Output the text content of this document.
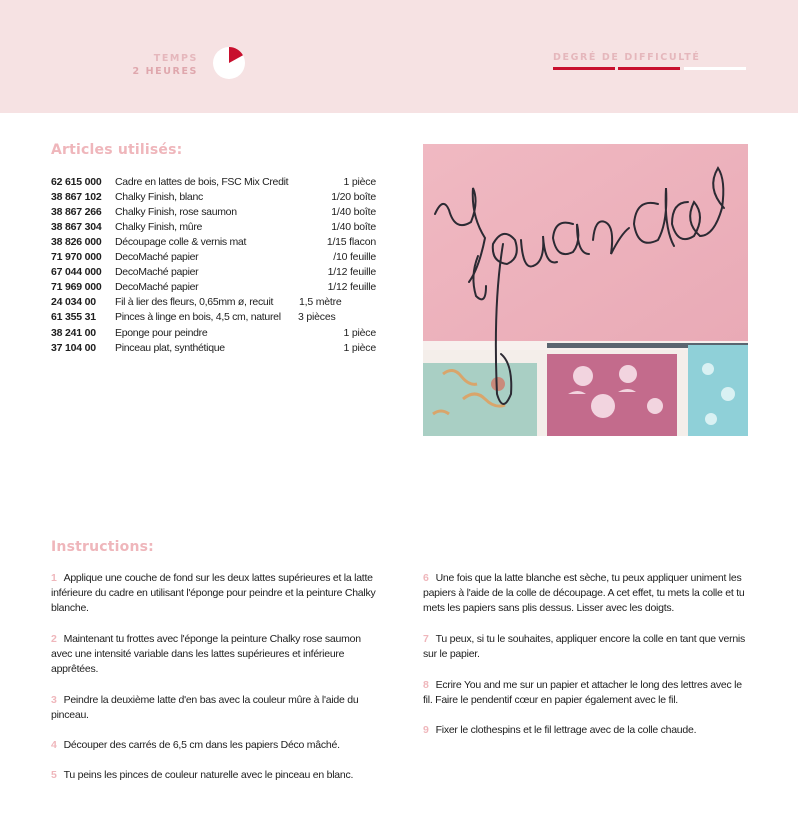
TEMPS
2 HEURES
DEGRÉ DE DIFFICULTÉ
Articles utilisés:
62 615 000 Cadre en lattes de bois, FSC Mix Credit	1 pièce
38 867 102 Chalky Finish, blanc	1/20 boîte
38 867 266 Chalky Finish, rose saumon	1/40 boîte
38 867 304 Chalky Finish, mûre	1/40 boîte
38 826 000 Découpage colle & vernis mat	1/15 flacon
71 970 000 DecoMaché papier	/10 feuille
67 044 000 DecoMaché papier	1/12 feuille
71 969 000 DecoMaché papier	1/12 feuille
24 034 00 Fil à lier des fleurs, 0,65mm ø, recuit 1,5 mètre
61 355 31 Pinces à linge en bois, 4,5 cm, naturel 3 pièces
38 241 00 Eponge pour peindre	1 pièce
37 104 00 Pinceau plat, synthétique	1 pièce
Instructions:
1 Applique une couche de fond sur les deux lattes supérieures et la latte inférieure du cadre en utilisant l'éponge pour peindre et la peinture Chalky blanche.
2 Maintenant tu frottes avec l'éponge la peinture Chalky rose saumon avec une intensité variable dans les lattes supérieures et inférieure apprêtées.
3 Peindre la deuxième latte d'en bas avec la couleur mûre à l'aide du pinceau.
4 Découper des carrés de 6,5 cm dans les papiers Déco mâché.
5 Tu peins les pinces de couleur naturelle avec le pinceau en blanc.
6 Une fois que la latte blanche est sèche, tu peux appliquer uniment les papiers à l'aide de la colle de découpage. A cet effet, tu mets la colle et tu mets les papiers sans plis dessus. Lisser avec les doigts.
7 Tu peux, si tu le souhaites, appliquer encore la colle en tant que vernis sur le papier.
8 Ecrire You and me sur un papier et attacher le long des lettres avec le fil. Faire le pendentif cœur en papier également avec le fil.
9 Fixer le clothespins et le fil lettrage avec de la colle chaude.
